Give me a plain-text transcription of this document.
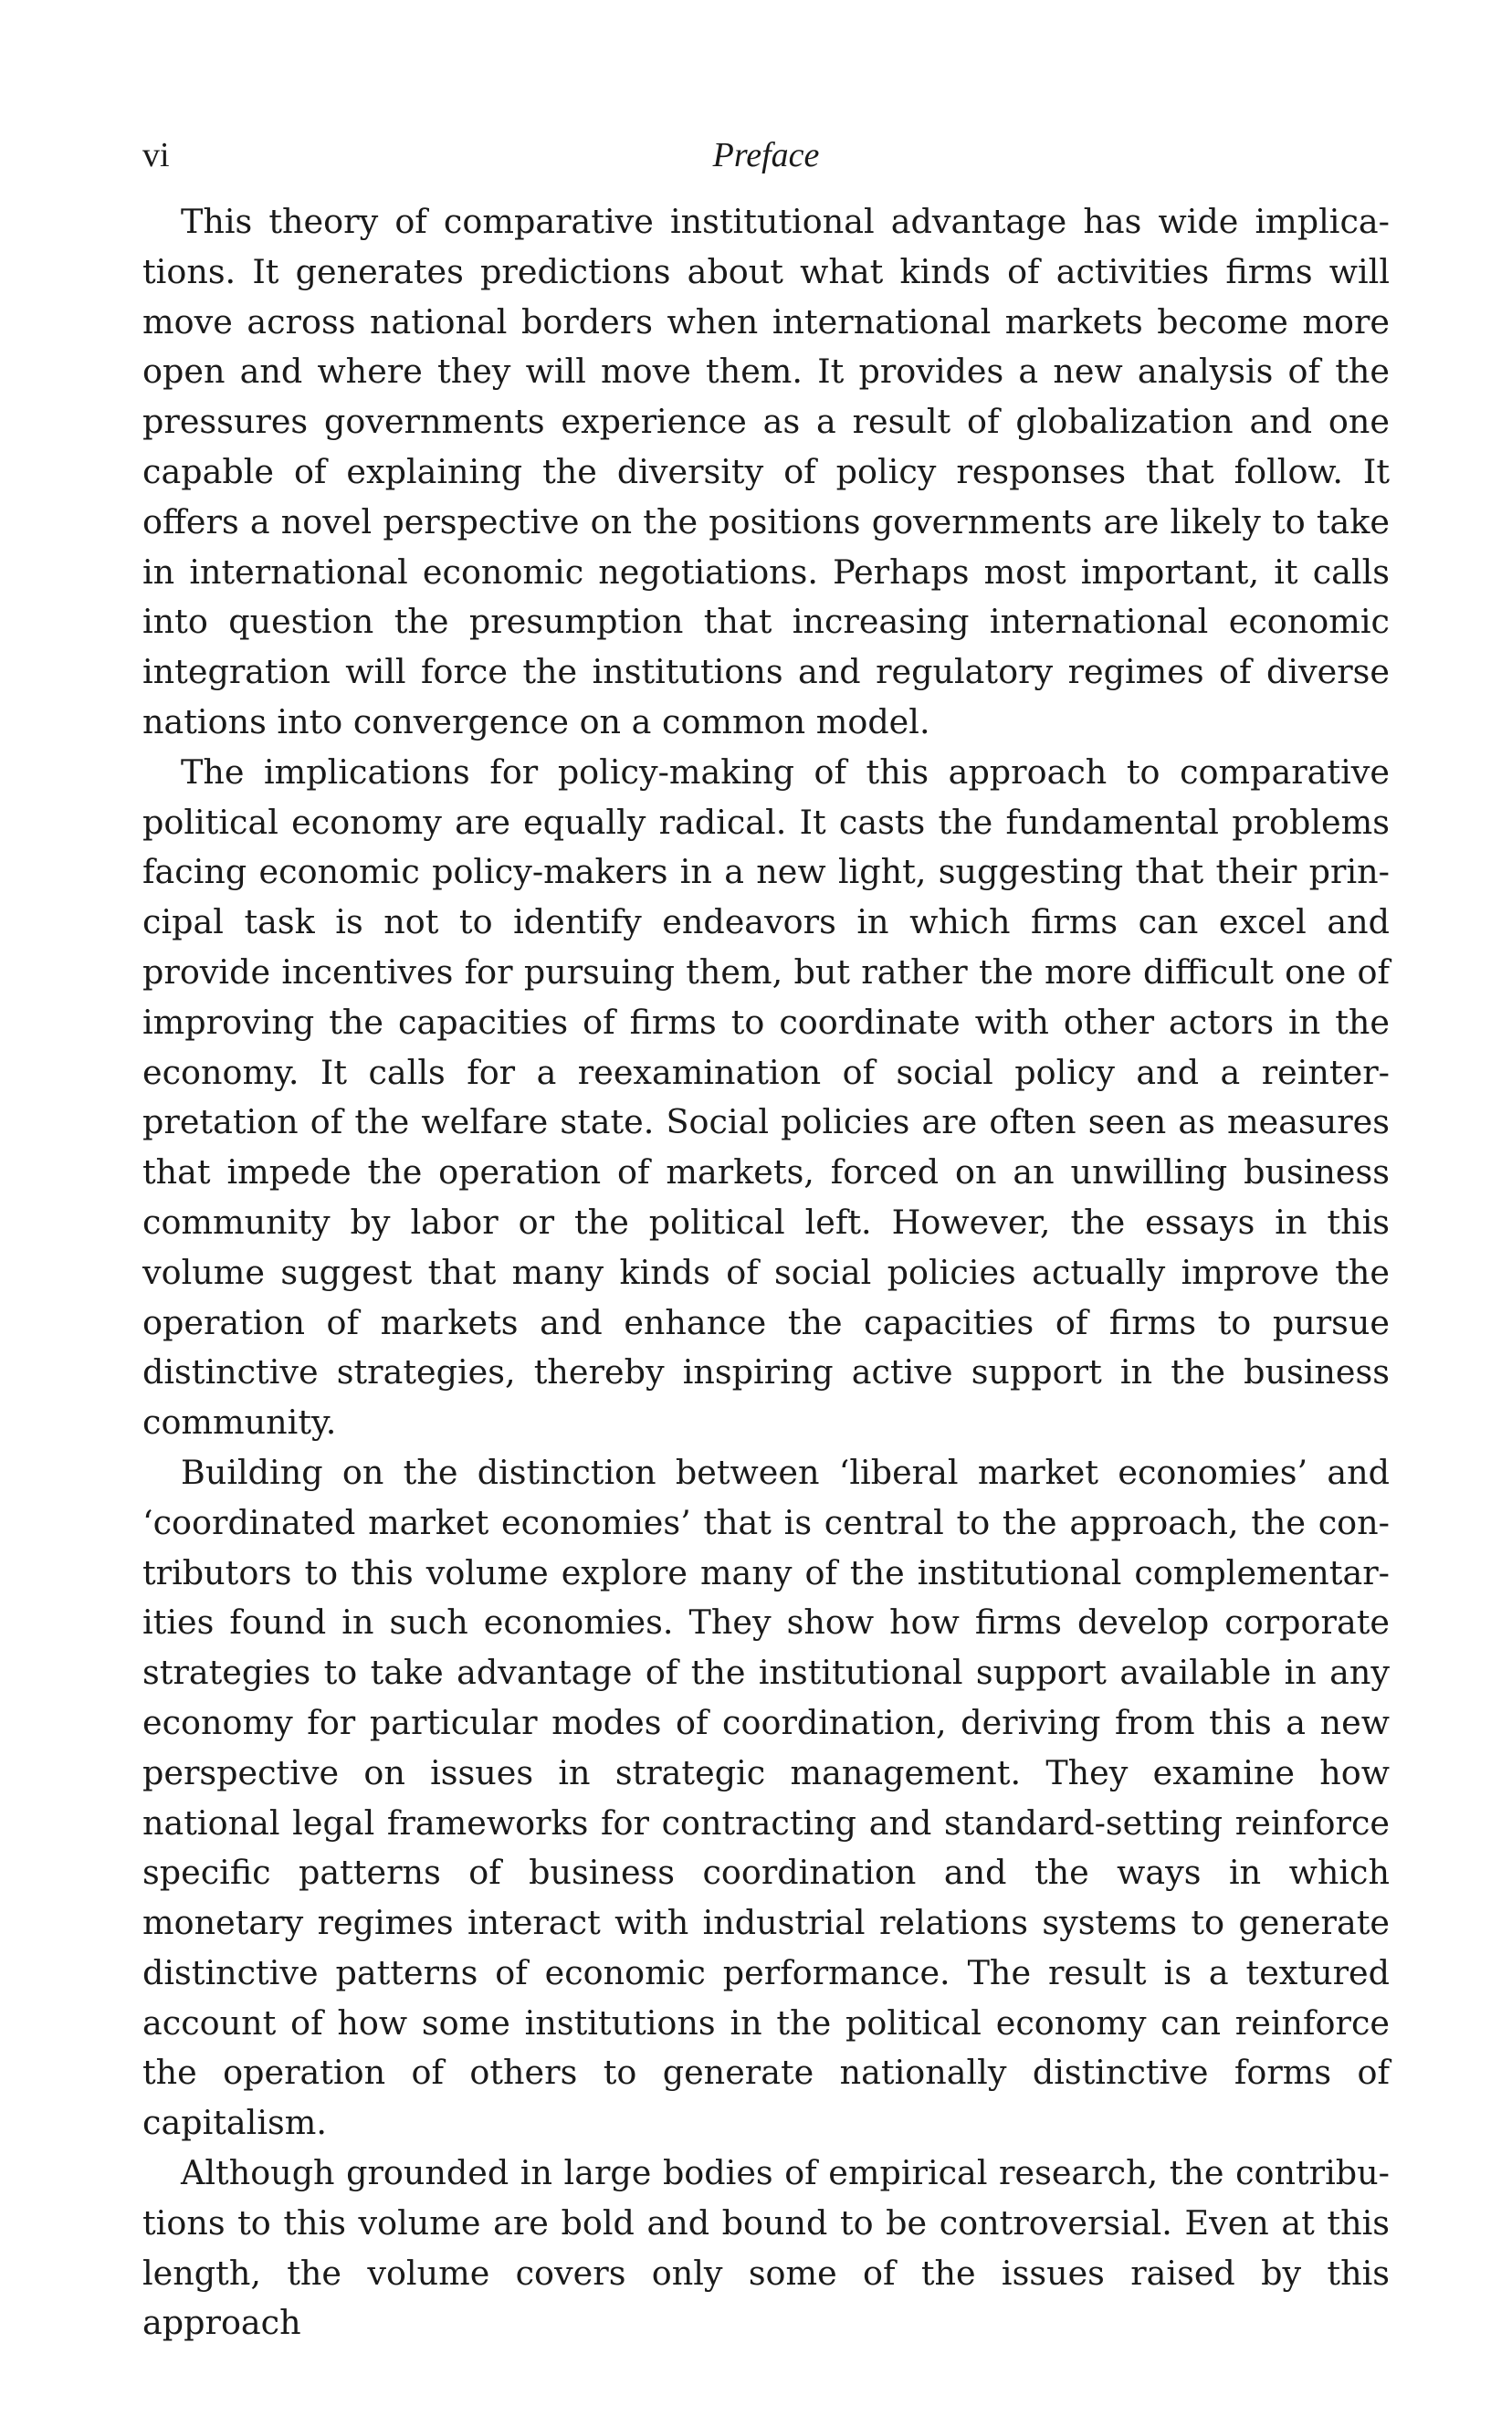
vi	Preface

This theory of comparative institutional advantage has wide implications. It generates predictions about what kinds of activities firms will move across national borders when international markets become more open and where they will move them. It provides a new analysis of the pressures governments experience as a result of globalization and one capable of explaining the diversity of policy responses that follow. It offers a novel perspective on the positions governments are likely to take in international economic negotiations. Perhaps most important, it calls into question the presumption that increasing international economic integration will force the institutions and regulatory regimes of diverse nations into convergence on a common model.

The implications for policy-making of this approach to comparative political economy are equally radical. It casts the fundamental problems facing economic policy-makers in a new light, suggesting that their principal task is not to identify endeavors in which firms can excel and provide incentives for pursuing them, but rather the more difficult one of improving the capacities of firms to coordinate with other actors in the economy. It calls for a reexamination of social policy and a reinterpretation of the welfare state. Social policies are often seen as measures that impede the operation of markets, forced on an unwilling business community by labor or the political left. However, the essays in this volume suggest that many kinds of social policies actually improve the operation of markets and enhance the capacities of firms to pursue distinctive strategies, thereby inspiring active support in the business community.

Building on the distinction between ‘liberal market economies’ and ‘coordinated market economies’ that is central to the approach, the contributors to this volume explore many of the institutional complementarities found in such economies. They show how firms develop corporate strategies to take advantage of the institutional support available in any economy for particular modes of coordination, deriving from this a new perspective on issues in strategic management. They examine how national legal frameworks for contracting and standard-setting reinforce specific patterns of business coordination and the ways in which monetary regimes interact with industrial relations systems to generate distinctive patterns of economic performance. The result is a textured account of how some institutions in the political economy can reinforce the operation of others to generate nationally distinctive forms of capitalism.

Although grounded in large bodies of empirical research, the contributions to this volume are bold and bound to be controversial. Even at this length, the volume covers only some of the issues raised by this approach
